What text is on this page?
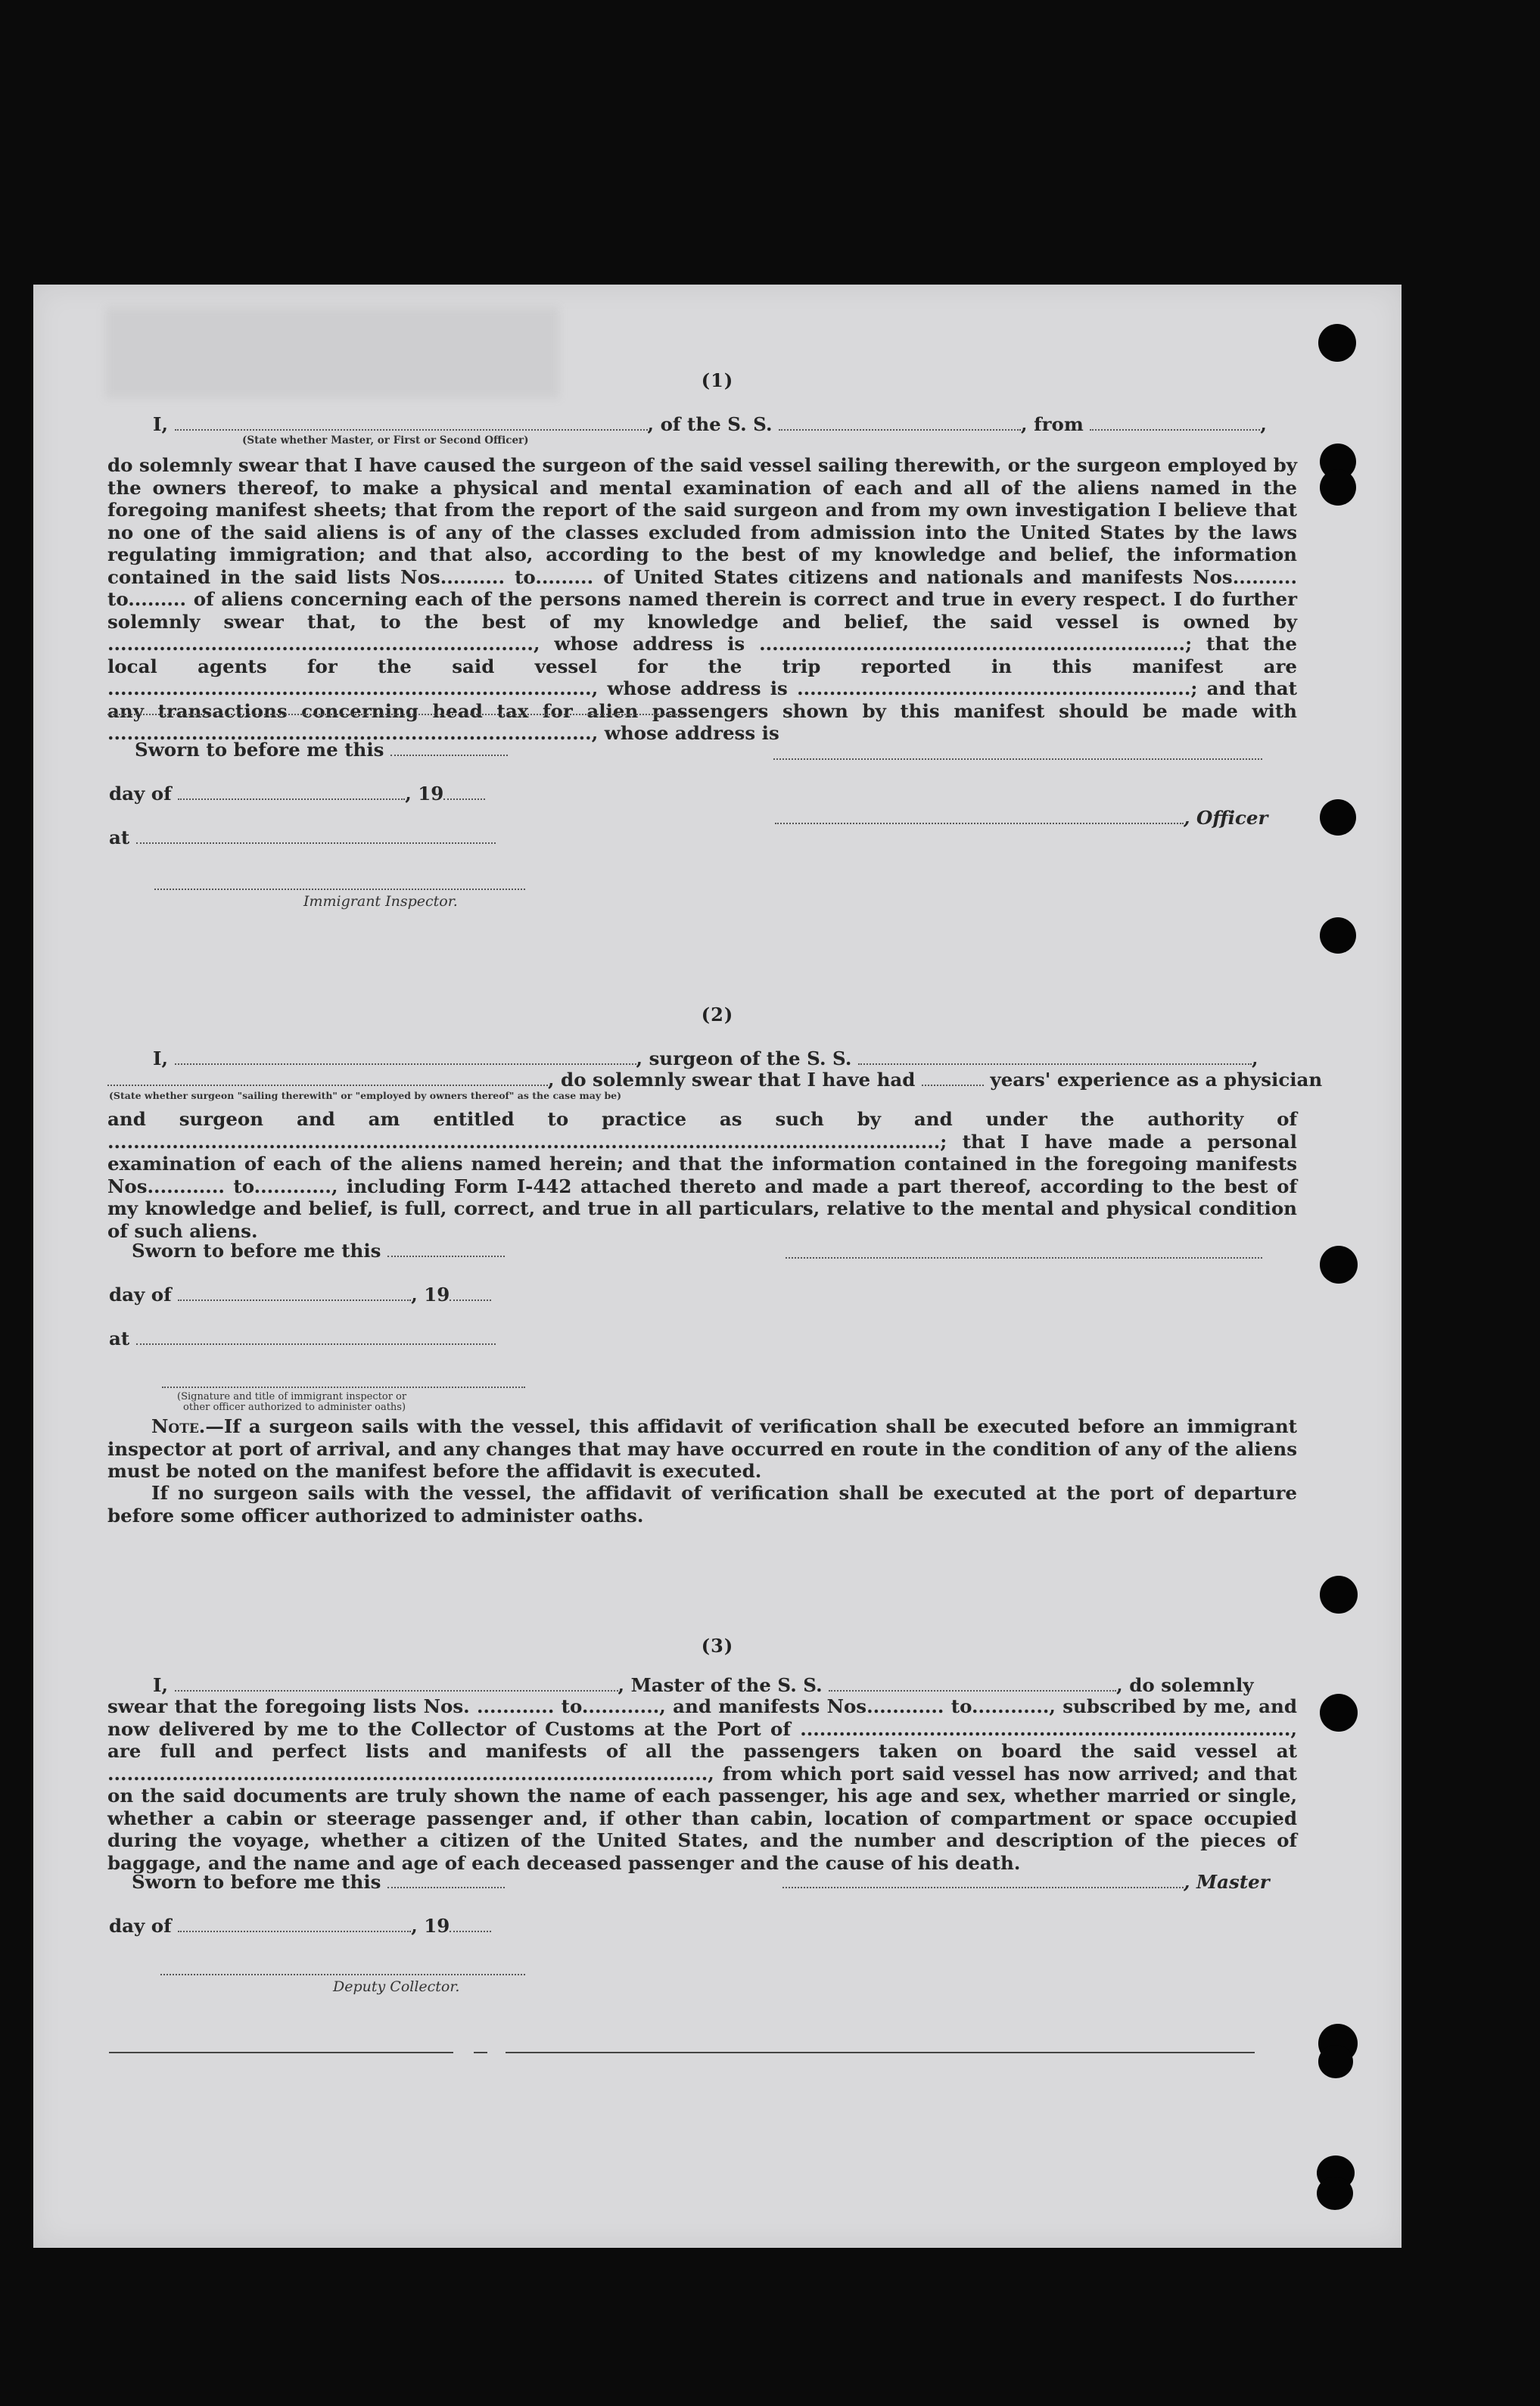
(1)
I,	, of the S. S.	, from	,
(State whether Master, or First or Second Officer)
do solemnly swear that I have caused the surgeon of the said vessel sailing therewith, or the surgeon employed by the owners thereof, to make a physical and mental examination of each and all of the aliens named in the foregoing manifest sheets; that from the report of the said surgeon and from my own investigation I believe that no one of the said aliens is of any of the classes excluded from admission into the United States by the laws regulating immigration; and that also, according to the best of my knowledge and belief, the information contained in the said lists Nos.......... to......... of United States citizens and nationals and manifests Nos.......... to......... of aliens concerning each of the persons named therein is correct and true in every respect. I do further solemnly swear that, to the best of my knowledge and belief, the said vessel is owned by .................................................................., whose address is ..................................................................; that the local agents for the said vessel for the trip reported in this manifest are ..........................................................................., whose address is .............................................................; and that any transactions concerning head tax for alien passengers shown by this manifest should be made with ..........................................................................., whose address is
Sworn to before me this
day of	, 19
, Officer
at
Immigrant Inspector.
(2)
I,	, surgeon of the S. S.	,
, do solemnly swear that I have had	years' experience as a physician
(State whether surgeon "sailing therewith" or "employed by owners thereof" as the case may be)
and surgeon and am entitled to practice as such by and under the authority of .................................................................................................................................; that I have made a personal examination of each of the aliens named herein; and that the information contained in the foregoing manifests Nos............ to............, including Form I-442 attached thereto and made a part thereof, according to the best of my knowledge and belief, is full, correct, and true in all particulars, relative to the mental and physical condition of such aliens.
Sworn to before me this
day of	, 19
at
(Signature and title of immigrant inspector or
other officer authorized to administer oaths)
Note.—If a surgeon sails with the vessel, this affidavit of verification shall be executed before an immigrant inspector at port of arrival, and any changes that may have occurred en route in the condition of any of the aliens must be noted on the manifest before the affidavit is executed.
If no surgeon sails with the vessel, the affidavit of verification shall be executed at the port of departure before some officer authorized to administer oaths.
(3)
I,	, Master of the S. S.	, do solemnly
swear that the foregoing lists Nos. ............ to............, and manifests Nos............ to............, subscribed by me, and now delivered by me to the Collector of Customs at the Port of ............................................................................, are full and perfect lists and manifests of all the passengers taken on board the said vessel at ............................................................................................., from which port said vessel has now arrived; and that on the said documents are truly shown the name of each passenger, his age and sex, whether married or single, whether a cabin or steerage passenger and, if other than cabin, location of compartment or space occupied during the voyage, whether a citizen of the United States, and the number and description of the pieces of baggage, and the name and age of each deceased passenger and the cause of his death.
Sworn to before me this	, Master
day of	, 19
Deputy Collector.
